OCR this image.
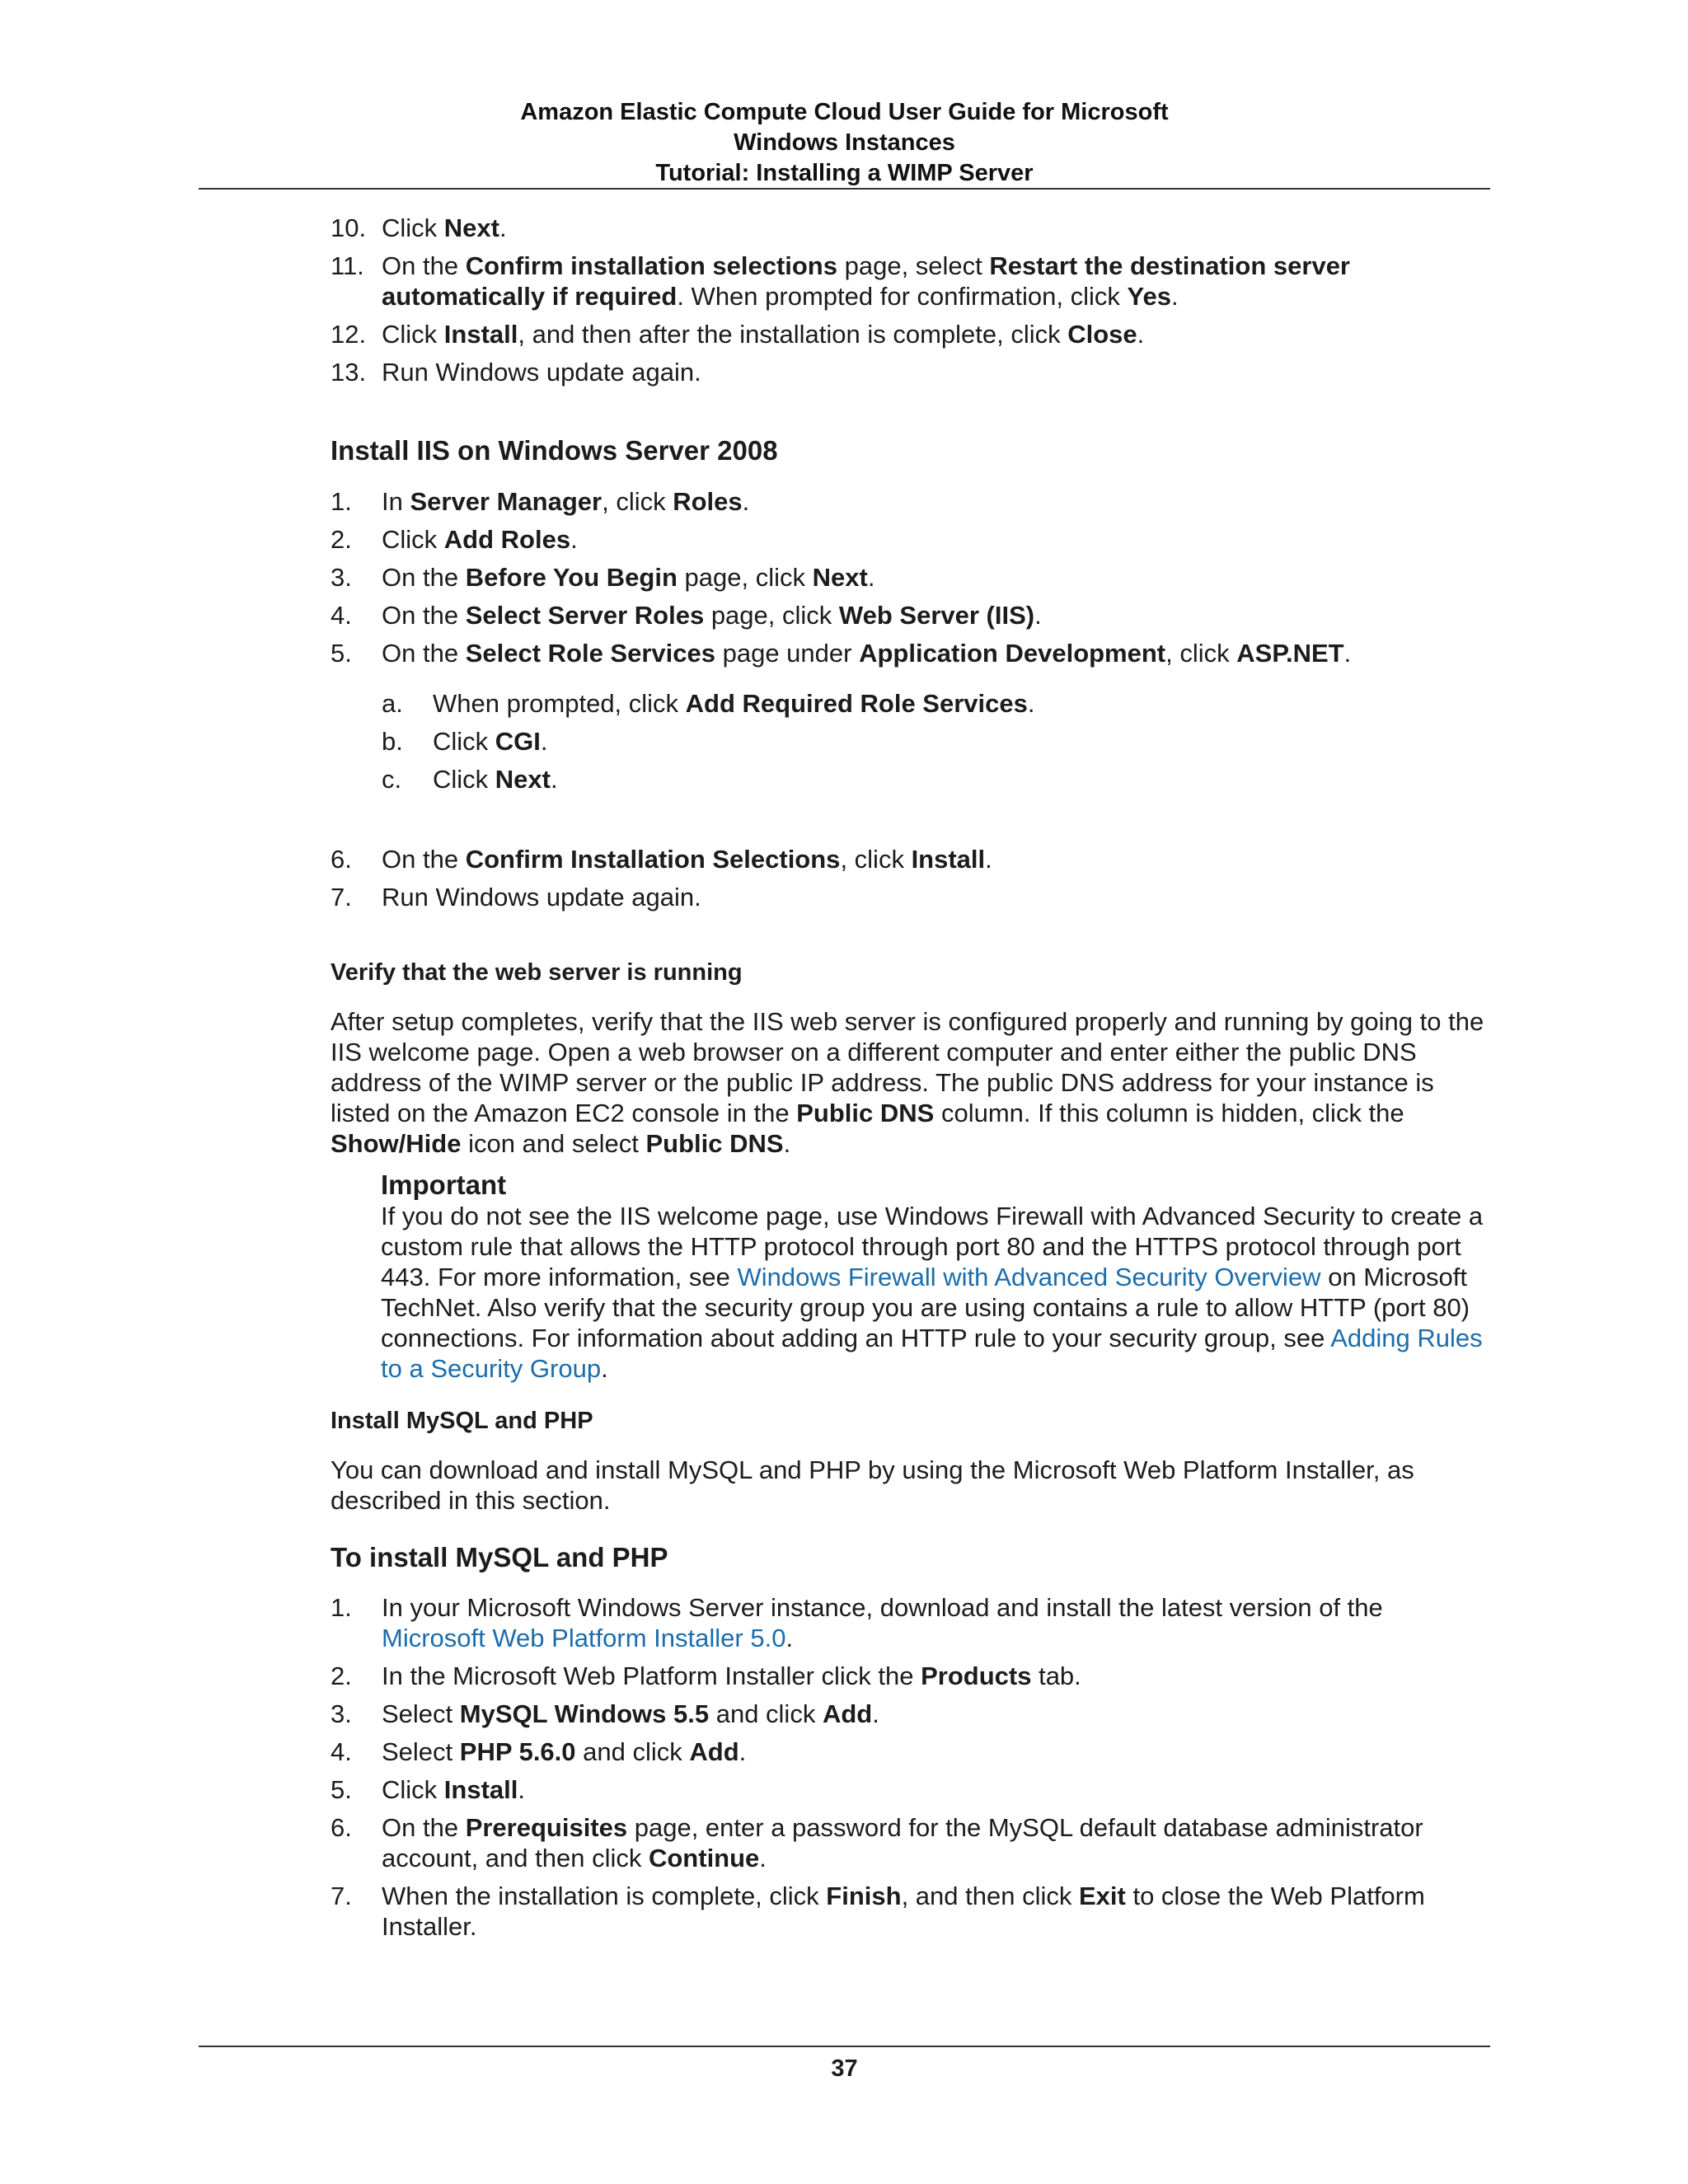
Amazon Elastic Compute Cloud User Guide for Microsoft
Windows Instances
Tutorial: Installing a WIMP Server
10. Click Next.
11. On the Confirm installation selections page, select Restart the destination server automatically if required. When prompted for confirmation, click Yes.
12. Click Install, and then after the installation is complete, click Close.
13. Run Windows update again.
Install IIS on Windows Server 2008
1. In Server Manager, click Roles.
2. Click Add Roles.
3. On the Before You Begin page, click Next.
4. On the Select Server Roles page, click Web Server (IIS).
5. On the Select Role Services page under Application Development, click ASP.NET.
a. When prompted, click Add Required Role Services.
b. Click CGI.
c. Click Next.
6. On the Confirm Installation Selections, click Install.
7. Run Windows update again.
Verify that the web server is running

After setup completes, verify that the IIS web server is configured properly and running by going to the IIS welcome page. Open a web browser on a different computer and enter either the public DNS address of the WIMP server or the public IP address. The public DNS address for your instance is listed on the Amazon EC2 console in the Public DNS column. If this column is hidden, click the Show/Hide icon and select Public DNS.

Important

If you do not see the IIS welcome page, use Windows Firewall with Advanced Security to create a custom rule that allows the HTTP protocol through port 80 and the HTTPS protocol through port 443. For more information, see Windows Firewall with Advanced Security Overview on Microsoft TechNet. Also verify that the security group you are using contains a rule to allow HTTP (port 80) connections. For information about adding an HTTP rule to your security group, see Adding Rules to a Security Group.

Install MySQL and PHP

You can download and install MySQL and PHP by using the Microsoft Web Platform Installer, as described in this section.

To install MySQL and PHP
1. In your Microsoft Windows Server instance, download and install the latest version of the Microsoft Web Platform Installer 5.0.
2. In the Microsoft Web Platform Installer click the Products tab.
3. Select MySQL Windows 5.5 and click Add.
4. Select PHP 5.6.0 and click Add.
5. Click Install.
6. On the Prerequisites page, enter a password for the MySQL default database administrator account, and then click Continue.
7. When the installation is complete, click Finish, and then click Exit to close the Web Platform Installer.
37
